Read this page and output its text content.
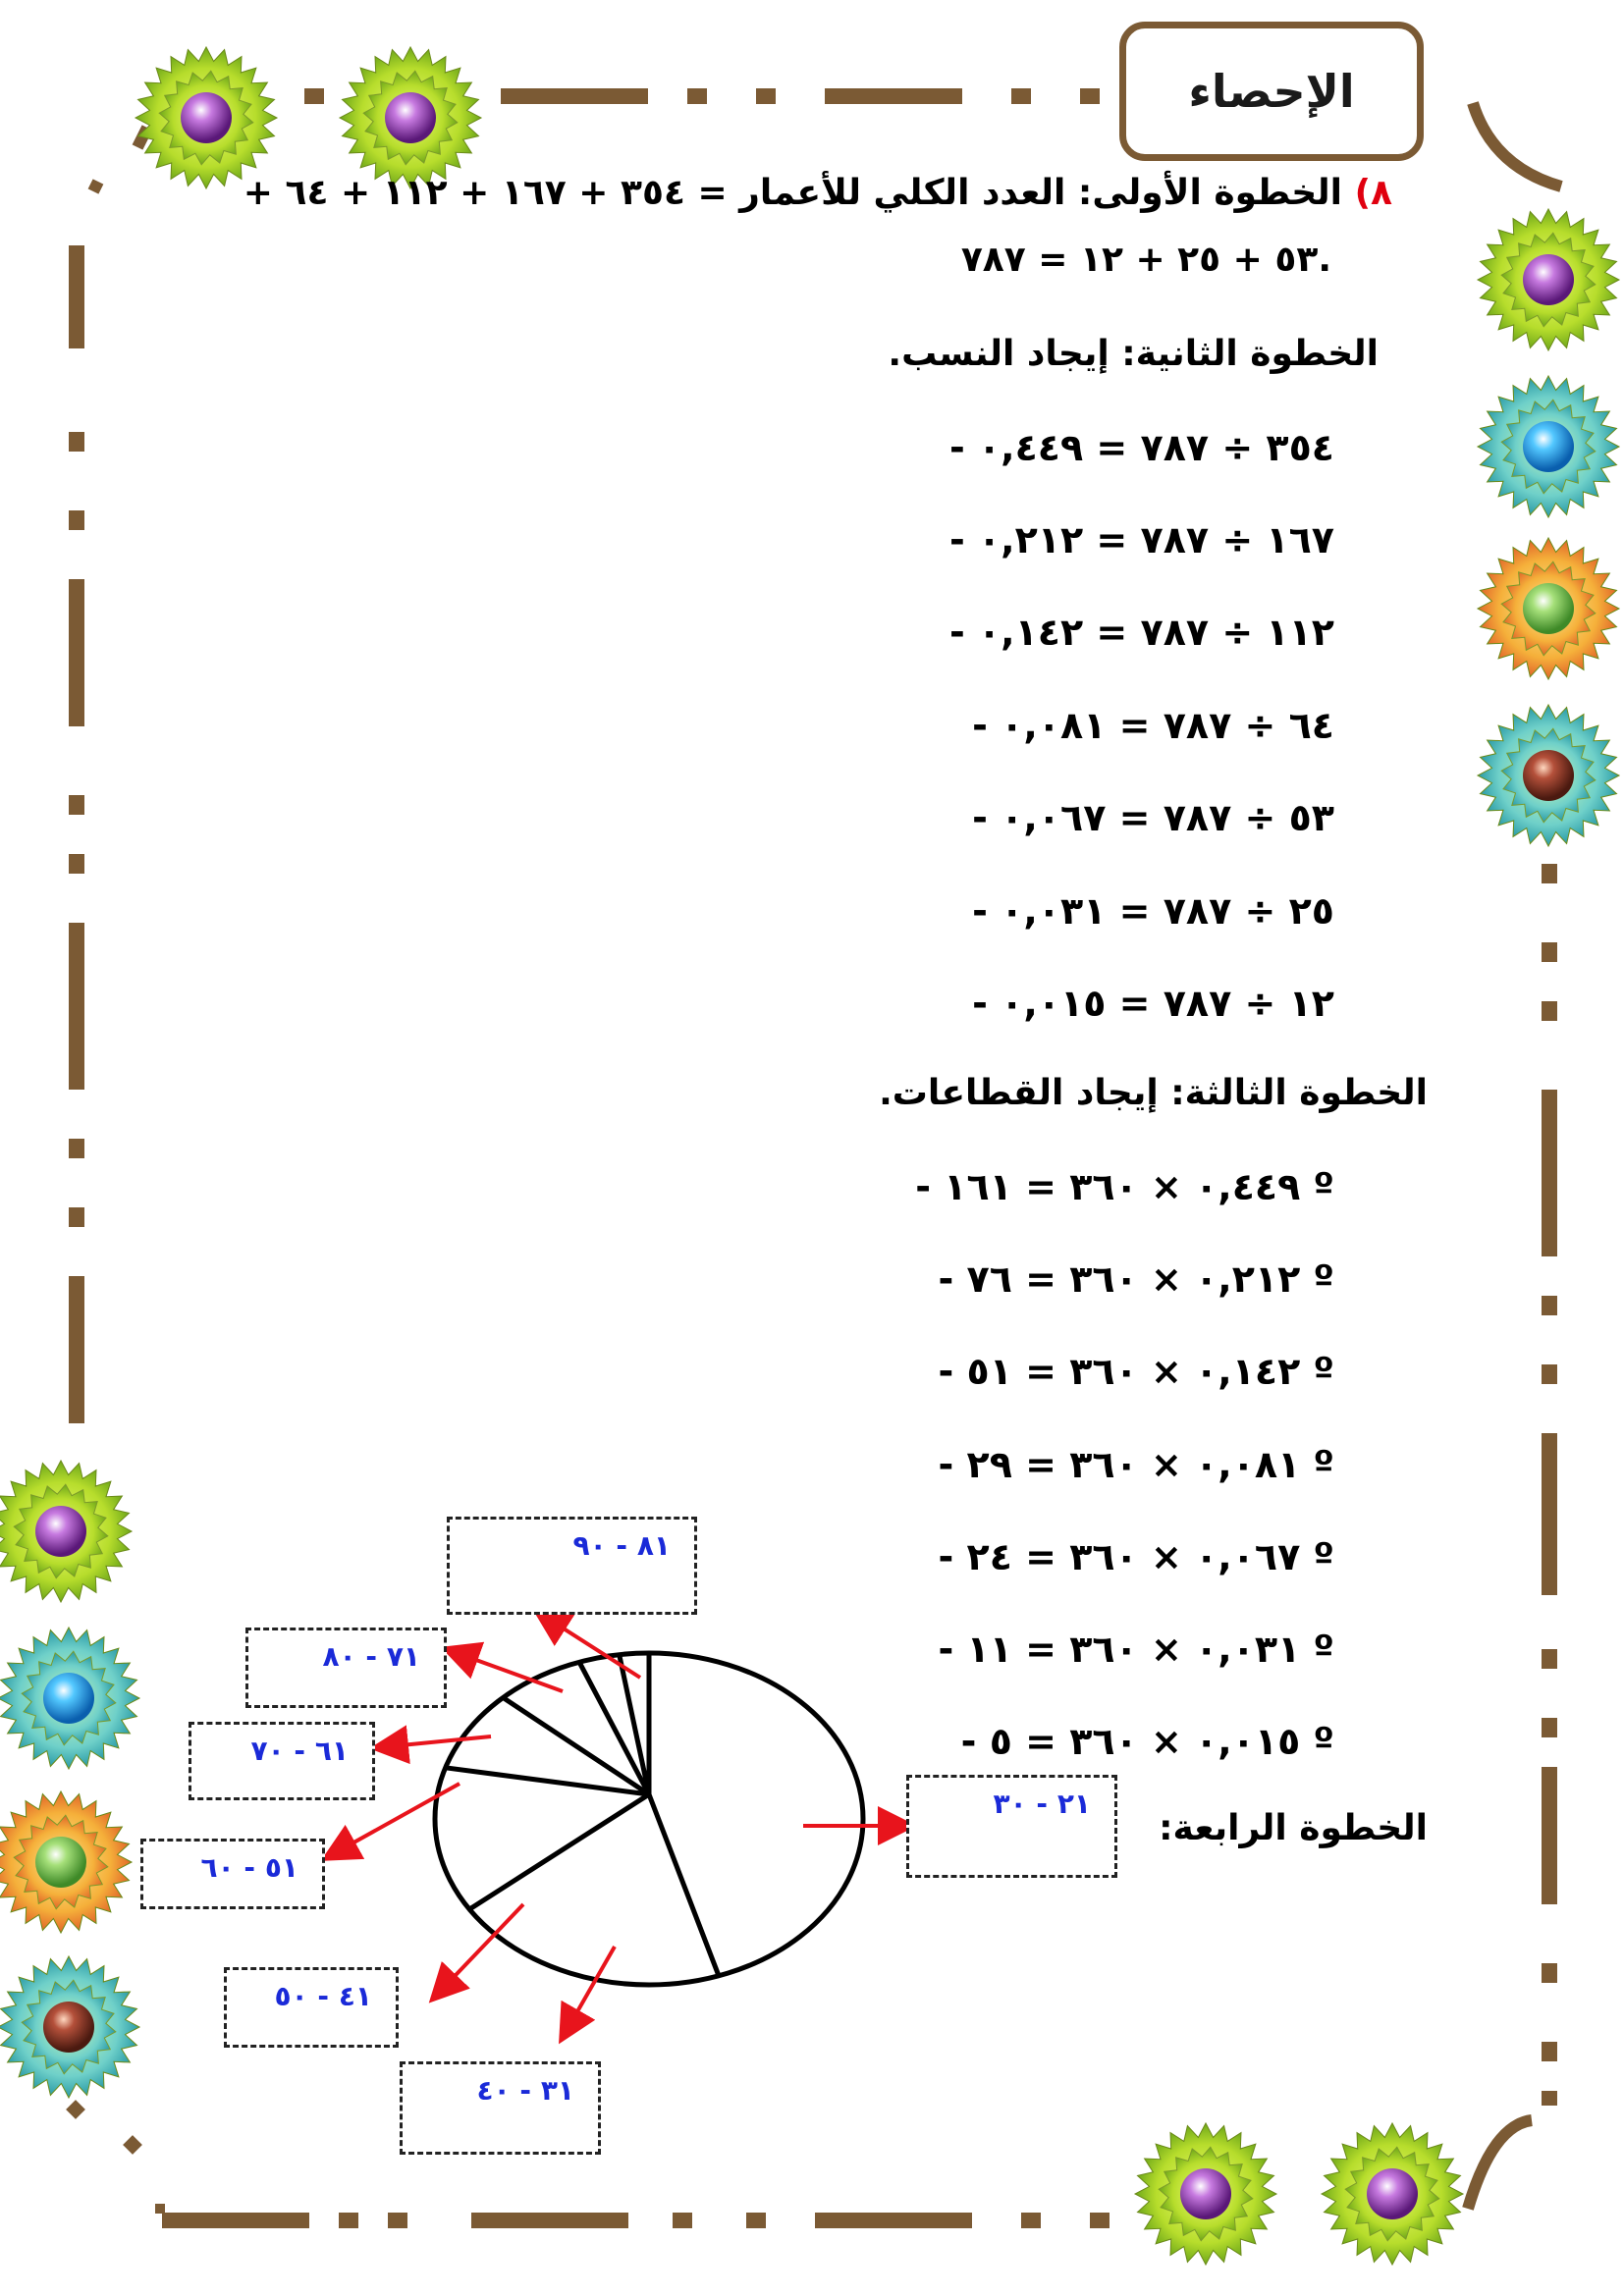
الإحصاء
٨) الخطوة الأولى: العدد الكلي للأعمار = ٣٥٤ + ١٦٧ + ١١٢ + ٦٤ +
٥٣ + ٢٥ + ١٢ = ٧٨٧.
الخطوة الثانية: إيجاد النسب.
- ٣٥٤ ÷ ٧٨٧ = ٠,٤٤٩
- ١٦٧ ÷ ٧٨٧ = ٠,٢١٢
- ١١٢ ÷ ٧٨٧ = ٠,١٤٢
- ٦٤ ÷ ٧٨٧ = ٠,٠٨١
- ٥٣ ÷ ٧٨٧ = ٠,٠٦٧
- ٢٥ ÷ ٧٨٧ = ٠,٠٣١
- ١٢ ÷ ٧٨٧ = ٠,٠١٥
الخطوة الثالثة: إيجاد القطاعات.
- ٠,٤٤٩ × ٣٦٠ = ١٦١ º
- ٠,٢١٢ × ٣٦٠ = ٧٦ º
- ٠,١٤٢ × ٣٦٠ = ٥١ º
- ٠,٠٨١ × ٣٦٠ = ٢٩ º
- ٠,٠٦٧ × ٣٦٠ = ٢٤ º
- ٠,٠٣١ × ٣٦٠ = ١١ º
- ٠,٠١٥ × ٣٦٠ = ٥ º
الخطوة الرابعة:
٢١ - ٣٠
٣١ - ٤٠
٤١ - ٥٠
٥١ - ٦٠
٦١ - ٧٠
٧١ - ٨٠
٨١ - ٩٠
